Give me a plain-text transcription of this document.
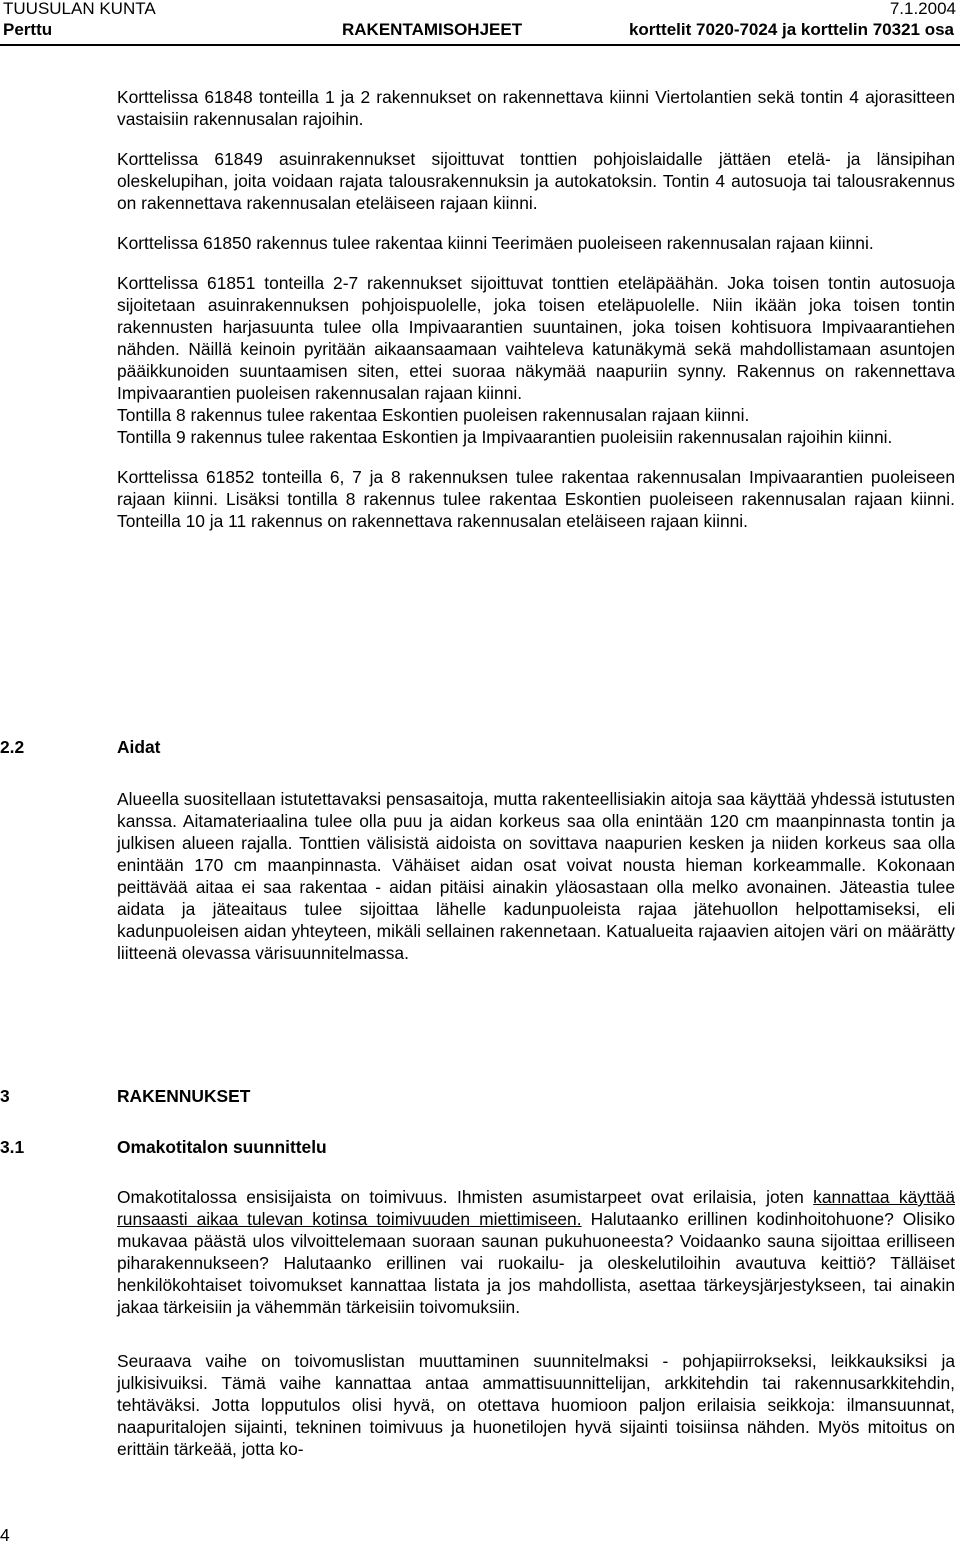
TUUSULAN KUNTA	7.1.2004
Perttu	RAKENTAMISOHJEET	korttelit 7020-7024 ja korttelin 70321 osa

Korttelissa 61848 tonteilla 1 ja 2 rakennukset on rakennettava kiinni Viertolantien sekä tontin 4 ajorasitteen vastaisiin rakennusalan rajoihin.

Korttelissa 61849 asuinrakennukset sijoittuvat tonttien pohjoislaidalle jättäen etelä- ja länsipihan oleskelupihan, joita voidaan rajata talousrakennuksin ja autokatoksin. Tontin 4 autosuoja tai talousrakennus on rakennettava rakennusalan eteläiseen rajaan kiinni.

Korttelissa 61850 rakennus tulee rakentaa kiinni Teerimäen puoleiseen rakennusalan rajaan kiinni.

Korttelissa 61851 tonteilla 2-7 rakennukset sijoittuvat tonttien eteläpäähän. Joka toisen tontin autosuoja sijoitetaan asuinrakennuksen pohjoispuolelle, joka toisen eteläpuolelle. Niin ikään joka toisen tontin rakennusten harjasuunta tulee olla Impivaarantien suuntainen, joka toisen kohtisuora Impivaarantiehen nähden. Näillä keinoin pyritään aikaansaamaan vaihteleva katunäkymä sekä mahdollistamaan asuntojen pääikkunoiden suuntaamisen siten, ettei suoraa näkymää naapuriin synny. Rakennus on rakennettava Impivaarantien puoleisen rakennusalan rajaan kiinni.

Tontilla 8 rakennus tulee rakentaa Eskontien puoleisen rakennusalan rajaan kiinni.

Tontilla 9 rakennus tulee rakentaa Eskontien ja Impivaarantien puoleisiin rakennusalan rajoihin kiinni.

Korttelissa 61852 tonteilla 6, 7 ja 8 rakennuksen tulee rakentaa rakennusalan Impivaarantien puoleiseen rajaan kiinni. Lisäksi tontilla 8 rakennus tulee rakentaa Eskontien puoleiseen rakennusalan rajaan kiinni. Tonteilla 10 ja 11 rakennus on rakennettava rakennusalan eteläiseen rajaan kiinni.

2.2	Aidat

Alueella suositellaan istutettavaksi pensasaitoja, mutta rakenteellisiakin aitoja saa käyttää yhdessä istutusten kanssa. Aitamateriaalina tulee olla puu ja aidan korkeus saa olla enintään 120 cm maanpinnasta tontin ja julkisen alueen rajalla. Tonttien välisistä aidoista on sovittava naapurien kesken ja niiden korkeus saa olla enintään 170 cm maanpinnasta. Vähäiset aidan osat voivat nousta hieman korkeammalle. Kokonaan peittävää aitaa ei saa rakentaa - aidan pitäisi ainakin yläosastaan olla melko avonainen. Jäteastia tulee aidata ja jäteaitaus tulee sijoittaa lähelle kadunpuoleista rajaa jätehuollon helpottamiseksi, eli kadunpuoleisen aidan yhteyteen, mikäli sellainen rakennetaan. Katualueita rajaavien aitojen väri on määrätty liitteenä olevassa värisuunnitelmassa.

3	RAKENNUKSET
3.1	Omakotitalon suunnittelu

Omakotitalossa ensisijaista on toimivuus. Ihmisten asumistarpeet ovat erilaisia, joten kannattaa käyttää runsaasti aikaa tulevan kotinsa toimivuuden miettimiseen. Halutaanko erillinen kodinhoitohuone? Olisiko mukavaa päästä ulos vilvoittelemaan suoraan saunan pukuhuoneesta? Voidaanko sauna sijoittaa erilliseen piharakennukseen? Halutaanko erillinen vai ruokailu- ja oleskelutiloihin avautuva keittiö? Tälläiset henkilökohtaiset toivomukset kannattaa listata ja jos mahdollista, asettaa tärkeysjärjestykseen, tai ainakin jakaa tärkeisiin ja vähemmän tärkeisiin toivomuksiin.

Seuraava vaihe on toivomuslistan muuttaminen suunnitelmaksi - pohjapiirrokseksi, leikkauksiksi ja julkisivuiksi. Tämä vaihe kannattaa antaa ammattisuunnittelijan, arkkitehdin tai rakennusarkkitehdin, tehtäväksi. Jotta lopputulos olisi hyvä, on otettava huomioon paljon erilaisia seikkoja: ilmansuunnat, naapuritalojen sijainti, tekninen toimivuus ja huonetilojen hyvä sijainti toisiinsa nähden. Myös mitoitus on erittäin tärkeää, jotta ko-

4
